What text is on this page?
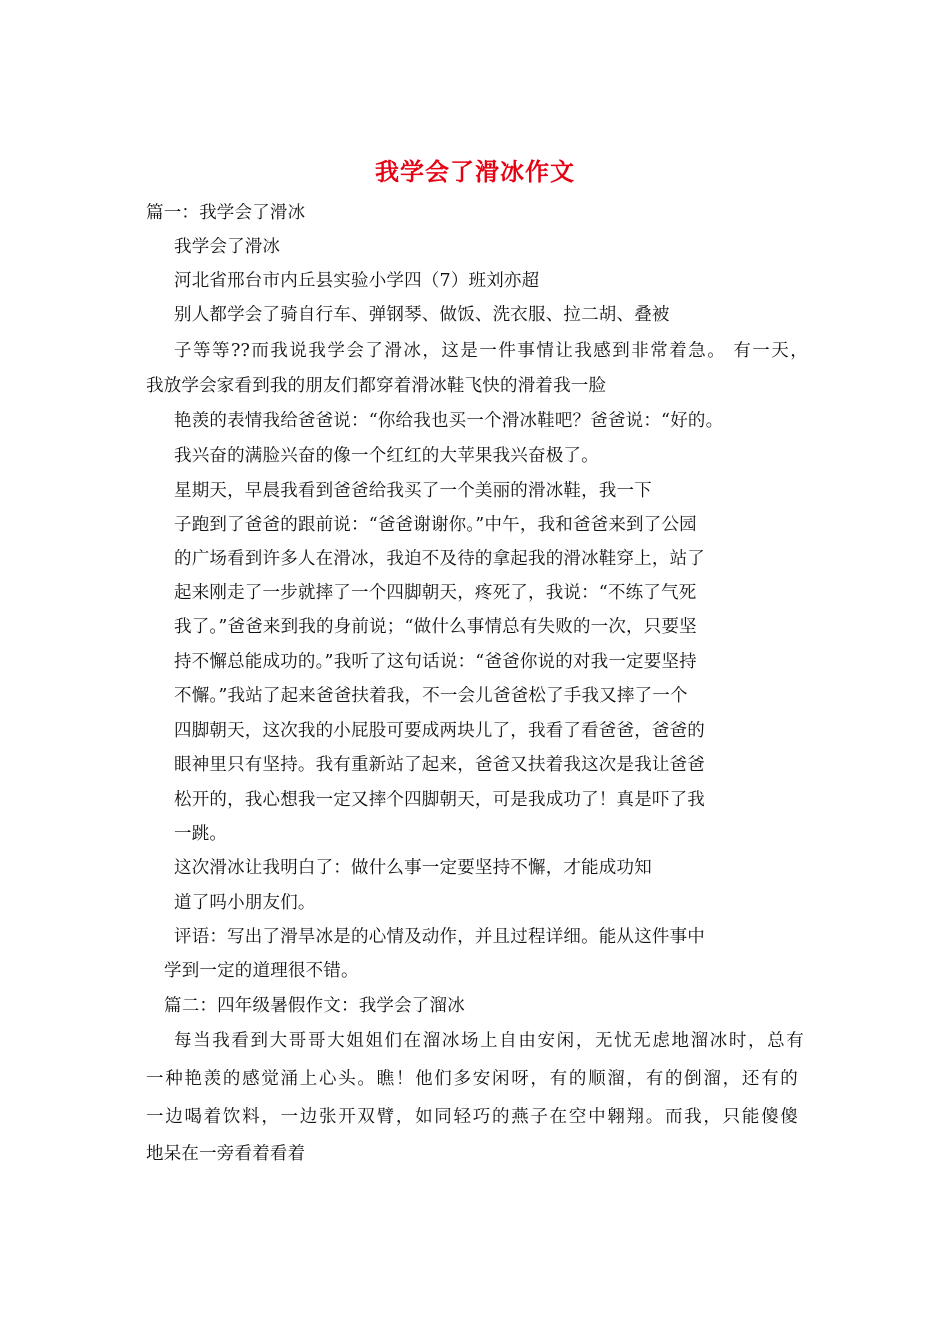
我学会了滑冰作文
篇一：我学会了滑冰
我学会了滑冰
河北省邢台市内丘县实验小学四（7）班刘亦超
别人都学会了骑自行车、弹钢琴、做饭、洗衣服、拉二胡、叠被
子等等??而我说我学会了滑冰，这是一件事情让我感到非常着急。 有一天，
我放学会家看到我的朋友们都穿着滑冰鞋飞快的滑着我一脸
艳羡的表情我给爸爸说：“你给我也买一个滑冰鞋吧？爸爸说：“好的。
我兴奋的满脸兴奋的像一个红红的大苹果我兴奋极了。
星期天，早晨我看到爸爸给我买了一个美丽的滑冰鞋，我一下
子跑到了爸爸的跟前说：“爸爸谢谢你。”中午，我和爸爸来到了公园
的广场看到许多人在滑冰，我迫不及待的拿起我的滑冰鞋穿上，站了
起来刚走了一步就摔了一个四脚朝天，疼死了，我说：“不练了气死
我了。”爸爸来到我的身前说；“做什么事情总有失败的一次，只要坚
持不懈总能成功的。”我听了这句话说：“爸爸你说的对我一定要坚持
不懈。”我站了起来爸爸扶着我，不一会儿爸爸松了手我又摔了一个
四脚朝天，这次我的小屁股可要成两块儿了，我看了看爸爸，爸爸的
眼神里只有坚持。我有重新站了起来，爸爸又扶着我这次是我让爸爸
松开的，我心想我一定又摔个四脚朝天，可是我成功了！真是吓了我
一跳。
这次滑冰让我明白了：做什么事一定要坚持不懈，才能成功知
道了吗小朋友们。
评语：写出了滑旱冰是的心情及动作，并且过程详细。能从这件事中
学到一定的道理很不错。
篇二：四年级暑假作文：我学会了溜冰
每当我看到大哥哥大姐姐们在溜冰场上自由安闲，无忧无虑地溜冰时，总有
一种艳羡的感觉涌上心头。瞧！他们多安闲呀，有的顺溜，有的倒溜，还有的
一边喝着饮料，一边张开双臂，如同轻巧的燕子在空中翱翔。而我，只能傻傻
地呆在一旁看着看着
